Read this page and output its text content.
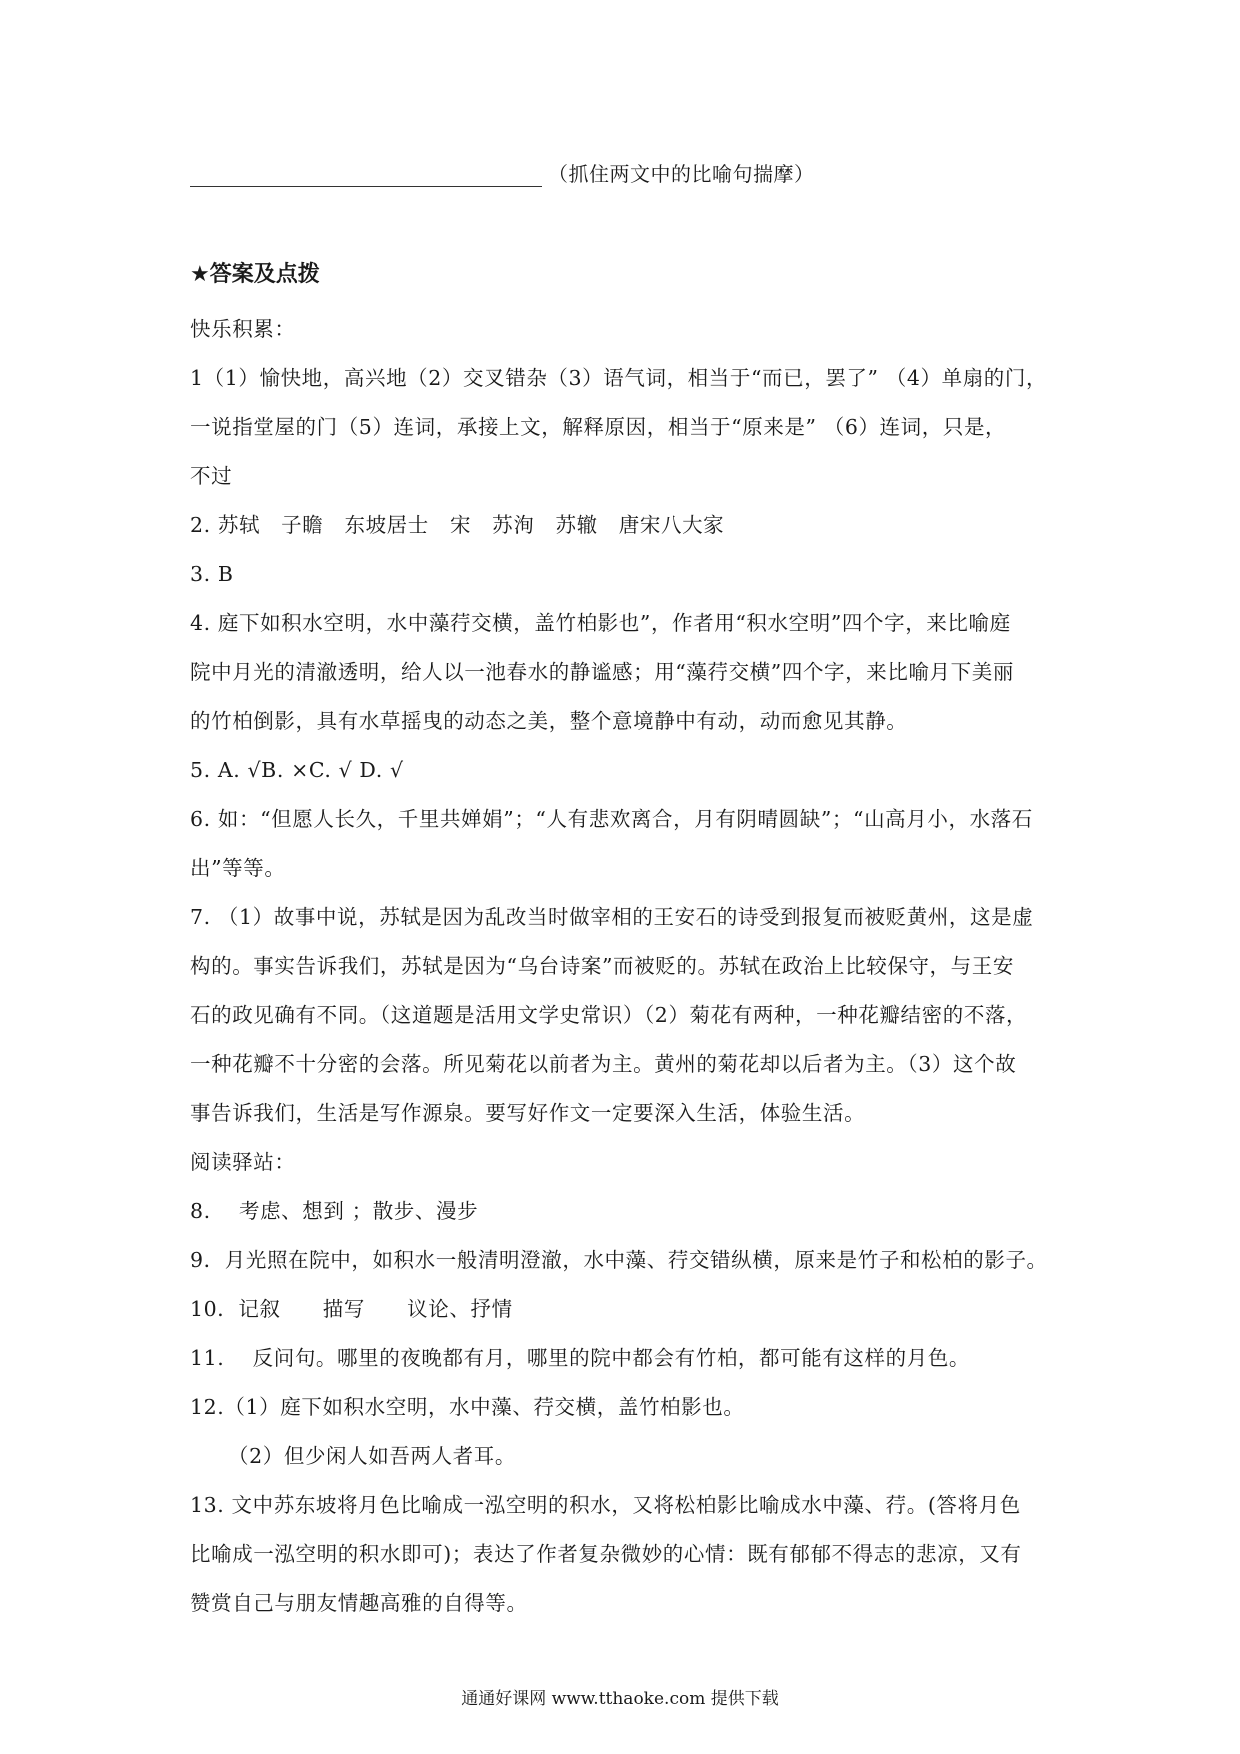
（抓住两文中的比喻句揣摩）
★答案及点拨
快乐积累：
1（1）愉快地，高兴地（2）交叉错杂（3）语气词，相当于“而已，罢了” （4）单扇的门，
一说指堂屋的门（5）连词，承接上文，解释原因，相当于“原来是” （6）连词，只是，
不过
2. 苏轼　子瞻　东坡居士　宋　苏洵　苏辙　唐宋八大家
3. B
4. 庭下如积水空明，水中藻荇交横，盖竹柏影也”，作者用“积水空明”四个字，来比喻庭
院中月光的清澈透明，给人以一池春水的静谧感；用“藻荇交横”四个字，来比喻月下美丽
的竹柏倒影，具有水草摇曳的动态之美，整个意境静中有动，动而愈见其静。
5. A. √B. ×C. √ D. √
6. 如：“但愿人长久，千里共婵娟”；“人有悲欢离合，月有阴晴圆缺”；“山高月小，水落石
出”等等。
7. （1）故事中说，苏轼是因为乱改当时做宰相的王安石的诗受到报复而被贬黄州，这是虚
构的。事实告诉我们，苏轼是因为“乌台诗案”而被贬的。苏轼在政治上比较保守，与王安
石的政见确有不同。（这道题是活用文学史常识）（2）菊花有两种，一种花瓣结密的不落，
一种花瓣不十分密的会落。所见菊花以前者为主。黄州的菊花却以后者为主。（3）这个故
事告诉我们，生活是写作源泉。要写好作文一定要深入生活，体验生活。
阅读驿站：
8.　 考虑、想到 ；散步、漫步
9．月光照在院中，如积水一般清明澄澈，水中藻、荇交错纵横，原来是竹子和松柏的影子。
10．记叙　　描写　　议论、抒情
11.　 反问句。哪里的夜晚都有月，哪里的院中都会有竹柏，都可能有这样的月色。
12.（1）庭下如积水空明，水中藻、荇交横，盖竹柏影也。
（2）但少闲人如吾两人者耳。
13. 文中苏东坡将月色比喻成一泓空明的积水，又将松柏影比喻成水中藻、荇。(答将月色
比喻成一泓空明的积水即可)；表达了作者复杂微妙的心情：既有郁郁不得志的悲凉，又有
赞赏自己与朋友情趣高雅的自得等。
通通好课网 www.tthaoke.com 提供下载
